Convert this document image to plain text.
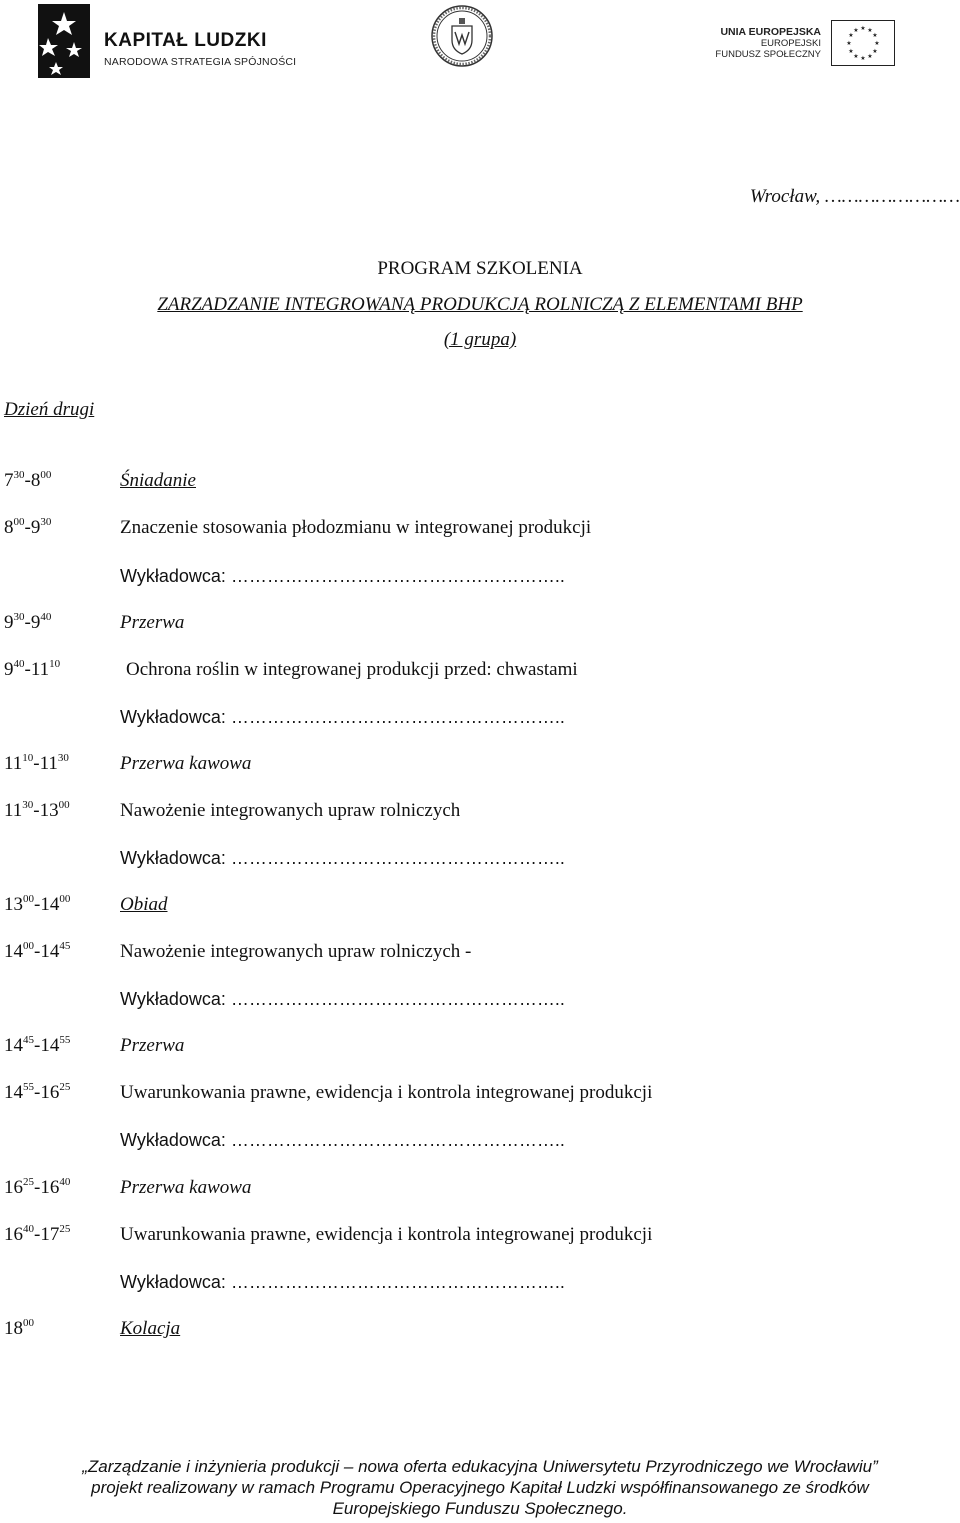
KAPITAŁ LUDZKI
NARODOWA STRATEGIA SPÓJNOŚCI
UNIA EUROPEJSKA
EUROPEJSKI
FUNDUSZ SPOŁECZNY
★ ★
★
★
★
★
★
★
★
★
★
★
Wrocław, ……………………
PROGRAM SZKOLENIA
ZARZADZANIE INTEGROWANĄ PRODUKCJĄ ROLNICZĄ Z ELEMENTAMI BHP
(1 grupa)
Dzień drugi
$7^{30}-8^{00}$	Śniadanie
$8^{00}-9^{30}$	Znaczenie stosowania płodozmianu w integrowanej produkcji
Wykładowca: ………………………………………………..
$9^{30}-9^{40}$	Przerwa
$9^{40}-11^{10}$	Ochrona roślin w integrowanej produkcji przed: chwastami
Wykładowca: ………………………………………………..
$11^{10}-11^{30}$	Przerwa kawowa
$11^{30}-13^{00}$	Nawożenie integrowanych upraw rolniczych
Wykładowca: ………………………………………………..
$13^{00}-14^{00}$	Obiad
$14^{00}-14^{45}$	Nawożenie integrowanych upraw rolniczych -
Wykładowca: ………………………………………………..
$14^{45}-14^{55}$	Przerwa
$14^{55}-16^{25}$	Uwarunkowania prawne, ewidencja i kontrola integrowanej produkcji
Wykładowca: ………………………………………………..
$16^{25}-16^{40}$	Przerwa kawowa
$16^{40}-17^{25}$	Uwarunkowania prawne, ewidencja i kontrola integrowanej produkcji
Wykładowca: ………………………………………………..
$18^{00}$	Kolacja
„Zarządzanie i inżynieria produkcji – nowa oferta edukacyjna Uniwersytetu Przyrodniczego we Wrocławiu”
projekt realizowany w ramach Programu Operacyjnego Kapitał Ludzki współfinansowanego ze środków
Europejskiego Funduszu Społecznego.
